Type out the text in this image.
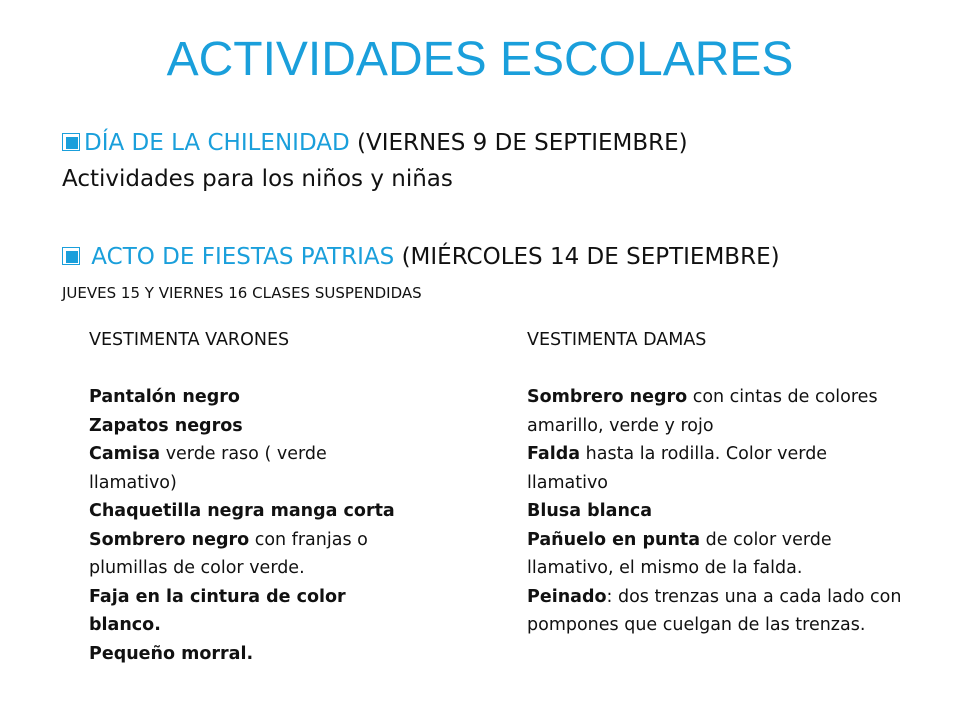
ACTIVIDADES ESCOLARES
DÍA DE LA CHILENIDAD (VIERNES 9 DE SEPTIEMBRE)
Actividades para los niños y niñas
ACTO DE FIESTAS PATRIAS (MIÉRCOLES 14 DE SEPTIEMBRE)
JUEVES 15 Y VIERNES 16 CLASES SUSPENDIDAS
VESTIMENTA VARONES

Pantalón negro

Zapatos negros

Camisa verde raso ( verde llamativo)

Chaquetilla negra manga corta

Sombrero negro con franjas o plumillas de color verde.

Faja en la cintura de color blanco.

Pequeño morral.

VESTIMENTA DAMAS

Sombrero negro con cintas de colores amarillo, verde y rojo

Falda hasta la rodilla. Color verde llamativo

Blusa blanca

Pañuelo en punta de color verde llamativo, el mismo de la falda.

Peinado: dos trenzas una a cada lado con pompones que cuelgan de las trenzas.
